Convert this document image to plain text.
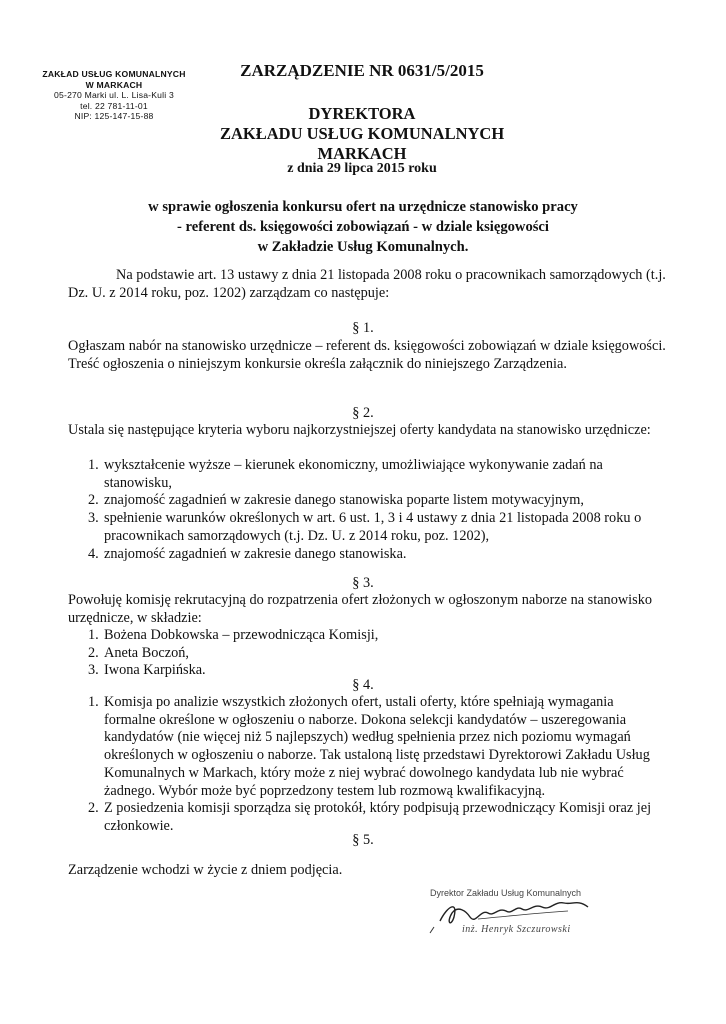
ZAKŁAD USŁUG KOMUNALNYCH
W MARKACH
05-270 Marki ul. L. Lisa-Kuli 3
tel. 22 781-11-01
NIP: 125-147-15-88
ZARZĄDZENIE NR 0631/5/2015
DYREKTORA
ZAKŁADU USŁUG KOMUNALNYCH
MARKACH
z dnia 29 lipca 2015 roku
w sprawie ogłoszenia konkursu ofert na urzędnicze stanowisko pracy
- referent ds. księgowości zobowiązań - w dziale księgowości
w Zakładzie Usług Komunalnych.
Na podstawie art. 13 ustawy z dnia 21 listopada 2008 roku o pracownikach samorządowych (t.j. Dz. U. z 2014 roku, poz. 1202) zarządzam co następuje:
§ 1.
Ogłaszam nabór na stanowisko urzędnicze – referent ds. księgowości zobowiązań w dziale księgowości.
Treść ogłoszenia o niniejszym konkursie określa załącznik do niniejszego Zarządzenia.
§ 2.
Ustala się następujące kryteria wyboru najkorzystniejszej oferty kandydata na stanowisko urzędnicze:
1. wykształcenie wyższe – kierunek ekonomiczny, umożliwiające wykonywanie zadań na stanowisku,
2. znajomość zagadnień w zakresie danego stanowiska poparte listem motywacyjnym,
3. spełnienie warunków określonych w art. 6 ust. 1, 3 i 4 ustawy z dnia 21 listopada 2008 roku o pracownikach samorządowych (t.j. Dz. U. z 2014 roku, poz. 1202),
4. znajomość zagadnień w zakresie danego stanowiska.
§ 3.
Powołuję komisję rekrutacyjną do rozpatrzenia ofert złożonych w ogłoszonym naborze na stanowisko urzędnicze, w składzie:
1. Bożena Dobkowska – przewodnicząca Komisji,
2. Aneta Boczoń,
3. Iwona Karpińska.
§ 4.
1. Komisja po analizie wszystkich złożonych ofert, ustali oferty, które spełniają wymagania formalne określone w ogłoszeniu o naborze. Dokona selekcji kandydatów – uszeregowania kandydatów (nie więcej niż 5 najlepszych) według spełnienia przez nich poziomu wymagań określonych w ogłoszeniu o naborze. Tak ustaloną listę przedstawi Dyrektorowi Zakładu Usług Komunalnych w Markach, który może z niej wybrać dowolnego kandydata lub nie wybrać żadnego. Wybór może być poprzedzony testem lub rozmową kwalifikacyjną.
2. Z posiedzenia komisji sporządza się protokół, który podpisują przewodniczący Komisji oraz jej członkowie.
§ 5.
Zarządzenie wchodzi w życie z dniem podjęcia.
Dyrektor Zakładu Usług Komunalnych
inż. Henryk Szczurowski
